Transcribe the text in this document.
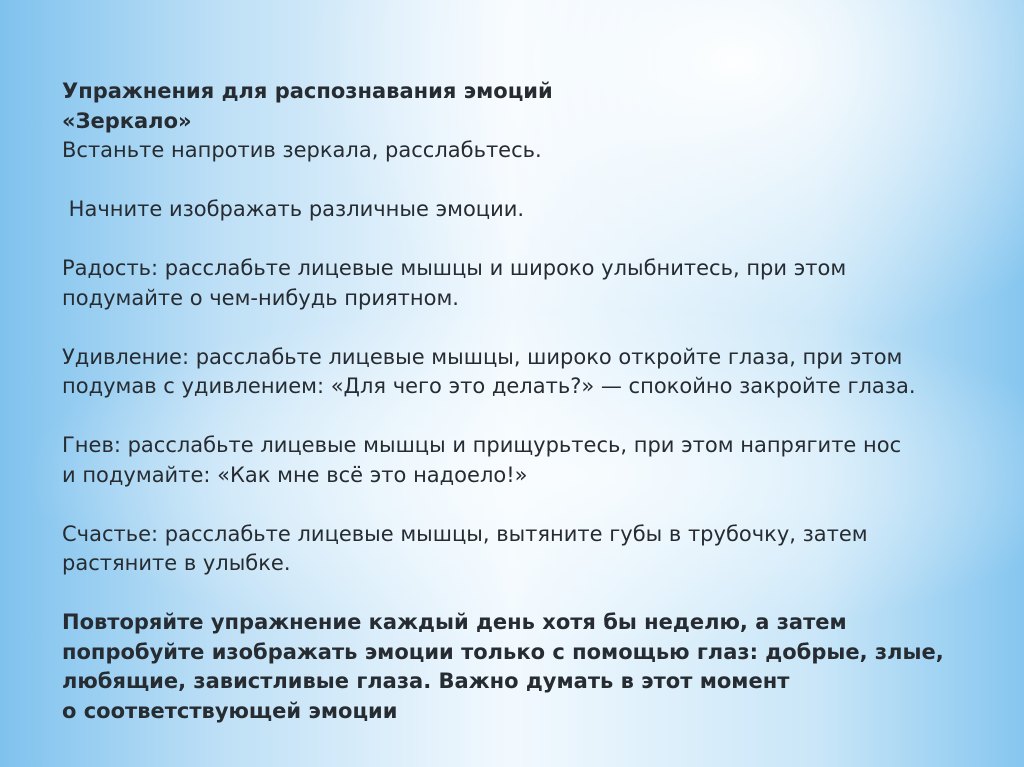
Упражнения для распознавания эмоций
«Зеркало»
Встаньте напротив зеркала, расслабьтесь.
Начните изображать различные эмоции.
Радость: расслабьте лицевые мышцы и широко улыбнитесь, при этом
подумайте о чем-нибудь приятном.
Удивление: расслабьте лицевые мышцы, широко откройте глаза, при этом
подумав с удивлением: «Для чего это делать?» — спокойно закройте глаза.
Гнев: расслабьте лицевые мышцы и прищурьтесь, при этом напрягите нос
и подумайте: «Как мне всё это надоело!»
Счастье: расслабьте лицевые мышцы, вытяните губы в трубочку, затем
растяните в улыбке.
Повторяйте упражнение каждый день хотя бы неделю, а затем
попробуйте изображать эмоции только с помощью глаз: добрые, злые,
любящие, завистливые глаза. Важно думать в этот момент
о соответствующей эмоции
